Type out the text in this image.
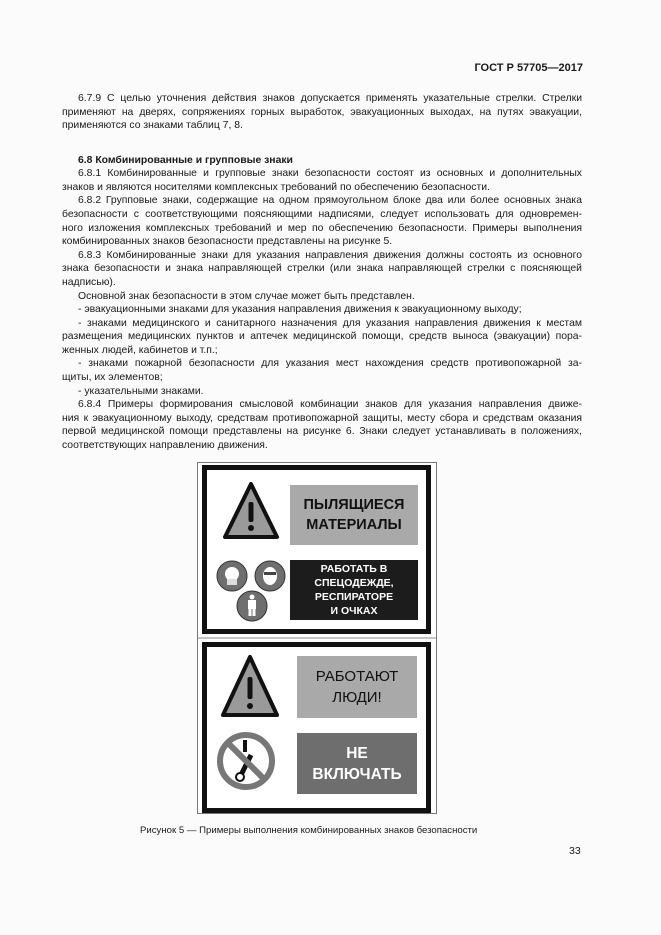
ГОСТ Р 57705—2017
6.7.9 С целью уточнения действия знаков допускается применять указательные стрелки. Стрелки
применяют на дверях, сопряжениях горных выработок, эвакуационных выходах, на путях эвакуации,
применяются со знаками таблиц 7, 8.
6.8 Комбинированные и групповые знаки
6.8.1 Комбинированные и групповые знаки безопасности состоят из основных и дополнительных
знаков и являются носителями комплексных требований по обеспечению безопасности.
6.8.2 Групповые знаки, содержащие на одном прямоугольном блоке два или более основных знака
безопасности с соответствующими поясняющими надписями, следует использовать для одновремен-
ного изложения комплексных требований и мер по обеспечению безопасности. Примеры выполнения
комбинированных знаков безопасности представлены на рисунке 5.
6.8.3 Комбинированные знаки для указания направления движения должны состоять из основного
знака безопасности и знака направляющей стрелки (или знака направляющей стрелки с поясняющей
надписью).
Основной знак безопасности в этом случае может быть представлен.
- эвакуационными знаками для указания направления движения к эвакуационному выходу;
- знаками медицинского и санитарного назначения для указания направления движения к местам
размещения медицинских пунктов и аптечек медицинской помощи, средств выноса (эвакуации) пора-
женных людей, кабинетов и т.п.;
- знаками пожарной безопасности для указания мест нахождения средств противопожарной за-
щиты, их элементов;
- указательными знаками.
6.8.4 Примеры формирования смысловой комбинации знаков для указания направления движе-
ния к эвакуационному выходу, средствам противопожарной защиты, месту сбора и средствам оказания
первой медицинской помощи представлены на рисунке 6. Знаки следует устанавливать в положениях,
соответствующих направлению движения.
ПЫЛЯЩИЕСЯ
МАТЕРИАЛЫ
РАБОТАТЬ В
СПЕЦОДЕЖДЕ,
РЕСПИРАТОРЕ
И ОЧКАХ
РАБОТАЮТ
ЛЮДИ!
НЕ
ВКЛЮЧАТЬ
Рисунок 5 — Примеры выполнения комбинированных знаков безопасности
33
